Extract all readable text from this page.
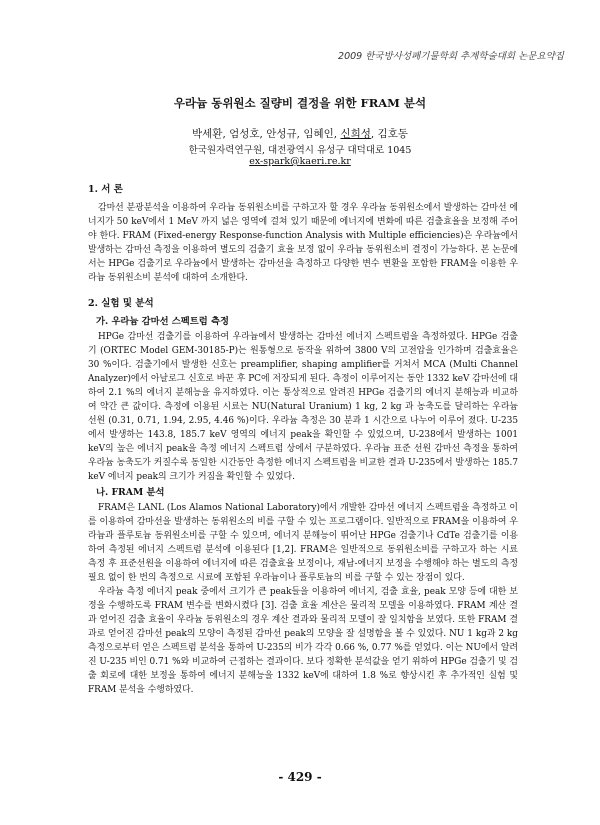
2009 한국방사성폐기물학회 추계학술대회 논문요약집
우라늄 동위원소 질량비 결정을 위한 FRAM 분석
박세환, 엄성호, 안성규, 임혜인, 신희성, 김호동
한국원자력연구원, 대전광역시 유성구 대덕대로 1045
ex-spark@kaeri.re.kr
1. 서 론

감마선 분광분석을 이용하여 우라늄 동위원소비를 구하고자 할 경우 우라늄 동위원소에서 발생하는 감마선 에너지가 50 keV에서 1 MeV 까지 넓은 영역에 걸쳐 있기 때문에 에너지에 변화에 따른 검출효율을 보정해 주어야 한다. FRAM (Fixed-energy Response-function Analysis with Multiple efficiencies)은 우라늄에서 발생하는 감마선 측정을 이용하여 별도의 검출기 효율 보정 없이 우라늄 동위원소비 결정이 가능하다. 본 논문에서는 HPGe 검출기로 우라늄에서 발생하는 감마선을 측정하고 다양한 변수 변환을 포함한 FRAM을 이용한 우라늄 동위원소비 분석에 대하여 소개한다.

2. 실험 및 분석
가. 우라늄 감마선 스펙트럼 측정

HPGe 감마선 검출기를 이용하여 우라늄에서 발생하는 감마선 에너지 스펙트럼을 측정하였다. HPGe 검출기 (ORTEC Model GEM-30185-P)는 원통형으로 동작을 위하여 3800 V의 고전압을 인가하며 검출효율은 30 %이다. 검출기에서 발생한 신호는 preamplifier, shaping amplifier를 거쳐서 MCA (Multi Channel Analyzer)에서 아날로그 신호로 바꾼 후 PC에 저장되게 된다. 측정이 이루어지는 동안 1332 keV 감마선에 대하여 2.1 %의 에너지 분해능을 유지하였다. 이는 통상적으로 알려진 HPGe 검출기의 에너지 분해능과 비교하여 약간 큰 값이다. 측정에 이용된 시료는 NU(Natural Uranium) 1 kg, 2 kg 과 농축도를 달리하는 우라늄 선원 (0.31, 0.71, 1.94, 2.95, 4.46 %)이다. 우라늄 측정은 30 분과 1 시간으로 나누어 이루어 졌다. U-235에서 발생하는 143.8, 185.7 keV 영역의 에너지 peak을 확인할 수 있었으며, U-238에서 발생하는 1001 keV의 높은 에너지 peak을 측정 에너지 스펙트럼 상에서 구분하였다. 우라늄 표준 선원 감마선 측정을 통하여 우라늄 농축도가 커질수록 동일한 시간동안 측정한 에너지 스펙트럼을 비교한 결과 U-235에서 발생하는 185.7 keV 에너지 peak의 크기가 커짐을 확인할 수 있었다.

나. FRAM 분석

FRAM은 LANL (Los Alamos National Laboratory)에서 개발한 감마선 에너지 스펙트럼을 측정하고 이를 이용하여 감마선을 발생하는 동위원소의 비를 구할 수 있는 프로그램이다. 일반적으로 FRAM을 이용하여 우라늄과 플루토늄 동위원소비를 구할 수 있으며, 에너지 분해능이 뛰어난 HPGe 검출기나 CdTe 검출기를 이용하여 측정된 에너지 스펙트럼 분석에 이용된다 [1,2]. FRAM은 일반적으로 동위원소비를 구하고자 하는 시료 측정 후 표준선원을 이용하여 에너지에 따른 검출효율 보정이나, 재남-에너지 보정을 수행해야 하는 별도의 측정 필요 없이 한 번의 측정으로 시료에 포함된 우라늄이나 플루토늄의 비를 구할 수 있는 장점이 있다.

우라늄 측정 에너지 peak 중에서 크기가 큰 peak들을 이용하여 에너지, 검출 효율, peak 모양 등에 대한 보정을 수행하도록 FRAM 변수를 변화시켰다 [3]. 검출 효율 계산은 물리적 모델을 이용하였다. FRAM 계산 결과 얻어진 검출 효율이 우라늄 동위원소의 경우 계산 결과와 물리적 모델이 잘 일치함을 보였다. 또한 FRAM 결과로 얻어진 감마선 peak의 모양이 측정된 감마선 peak의 모양을 잘 설명함을 볼 수 있었다. NU 1 kg과 2 kg 측정으로부터 얻은 스펙트럼 분석을 통하여 U-235의 비가 각각 0.66 %, 0.77 %를 얻었다. 이는 NU에서 알려진 U-235 비인 0.71 %와 비교하여 근접하는 결과이다. 보다 정확한 분석값을 얻기 위하여 HPGe 검출기 및 검출 회로에 대한 보정을 통하여 에너지 분해능을 1332 keV에 대하여 1.8 %로 향상시킨 후 추가적인 실험 및 FRAM 분석을 수행하였다.

- 429 -
